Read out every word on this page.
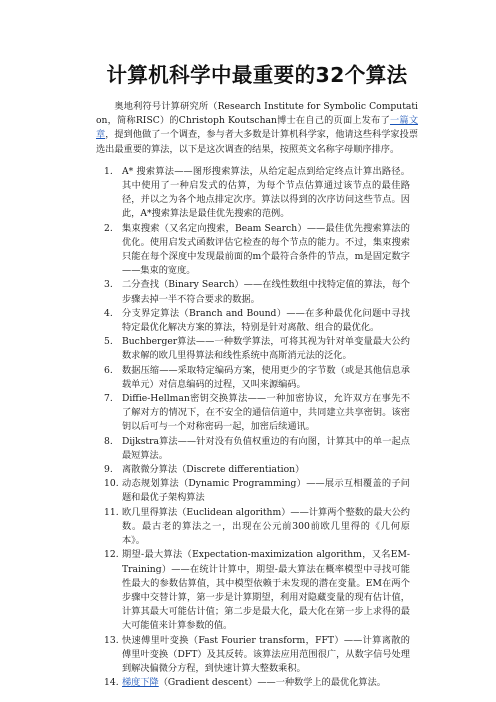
计算机科学中最重要的32个算法

奥地利符号计算研究所（Research Institute for Symbolic Computation，简称RISC）的Christoph Koutschan博士在自己的页面上发布了一篇文章，提到他做了一个调查，参与者大多数是计算机科学家，他请这些科学家投票选出最重要的算法，以下是这次调查的结果，按照英文名称字母顺序排序。

1.	A* 搜索算法——图形搜索算法，从给定起点到给定终点计算出路径。其中使用了一种启发式的估算，为每个节点估算通过该节点的最佳路径，并以之为各个地点排定次序。算法以得到的次序访问这些节点。因此，A*搜索算法是最佳优先搜索的范例。
2.	集束搜索（又名定向搜索，Beam Search）——最佳优先搜索算法的优化。使用启发式函数评估它检查的每个节点的能力。不过，集束搜索只能在每个深度中发现最前面的m个最符合条件的节点，m是固定数字——集束的宽度。
3.	二分查找（Binary Search）——在线性数组中找特定值的算法，每个步骤去掉一半不符合要求的数据。
4.	分支界定算法（Branch and Bound）——在多种最优化问题中寻找特定最优化解决方案的算法，特别是针对离散、组合的最优化。
5.	Buchberger算法——一种数学算法，可将其视为针对单变量最大公约数求解的欧几里得算法和线性系统中高斯消元法的泛化。
6.	数据压缩——采取特定编码方案，使用更少的字节数（或是其他信息承载单元）对信息编码的过程，又叫来源编码。
7.	Diffie-Hellman密钥交换算法——一种加密协议，允许双方在事先不了解对方的情况下，在不安全的通信信道中，共同建立共享密钥。该密钥以后可与一个对称密码一起，加密后续通讯。
8.	Dijkstra算法——针对没有负值权重边的有向图，计算其中的单一起点最短算法。
9.	离散微分算法（Discrete differentiation）
10. 动态规划算法（Dynamic Programming）——展示互相覆盖的子问题和最优子架构算法
11. 欧几里得算法（Euclidean algorithm）——计算两个整数的最大公约数。最古老的算法之一，出现在公元前300前欧几里得的《几何原本》。
12. 期望-最大算法（Expectation-maximization algorithm，又名EM-Training）——在统计计算中，期望-最大算法在概率模型中寻找可能性最大的参数估算值，其中模型依赖于未发现的潜在变量。EM在两个步骤中交替计算，第一步是计算期望，利用对隐藏变量的现有估计值，计算其最大可能估计值；第二步是最大化，最大化在第一步上求得的最大可能值来计算参数的值。
13. 快速傅里叶变换（Fast Fourier transform，FFT）——计算离散的傅里叶变换（DFT）及其反转。该算法应用范围很广，从数字信号处理到解决偏微分方程，到快速计算大整数乘积。
14. 梯度下降（Gradient descent）——一种数学上的最优化算法。
